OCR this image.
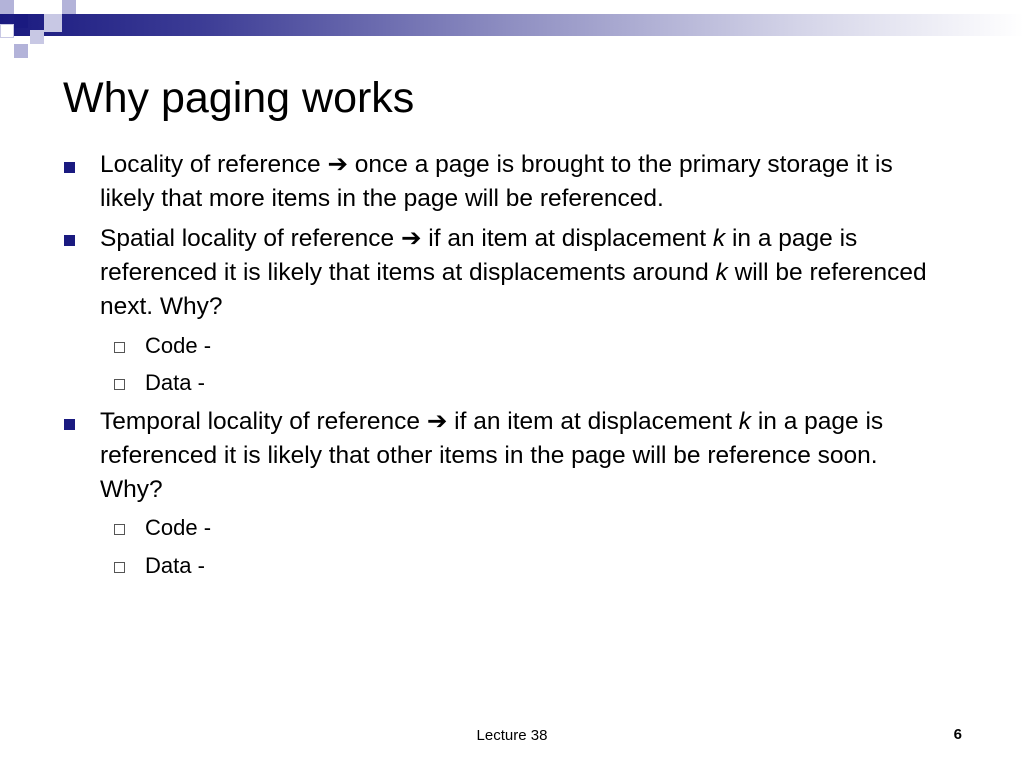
Why paging works
Locality of reference ➔ once a page is brought to the primary storage it is likely that more items in the page will be referenced.
Spatial locality of reference ➔ if an item at displacement k in a page is referenced it is likely that items at displacements around k will be referenced next. Why?
Code -
Data -
Temporal locality of reference ➔ if an item at displacement k in a page is referenced it is likely that other items in the page will be reference soon. Why?
Code -
Data -
Lecture 38	6
